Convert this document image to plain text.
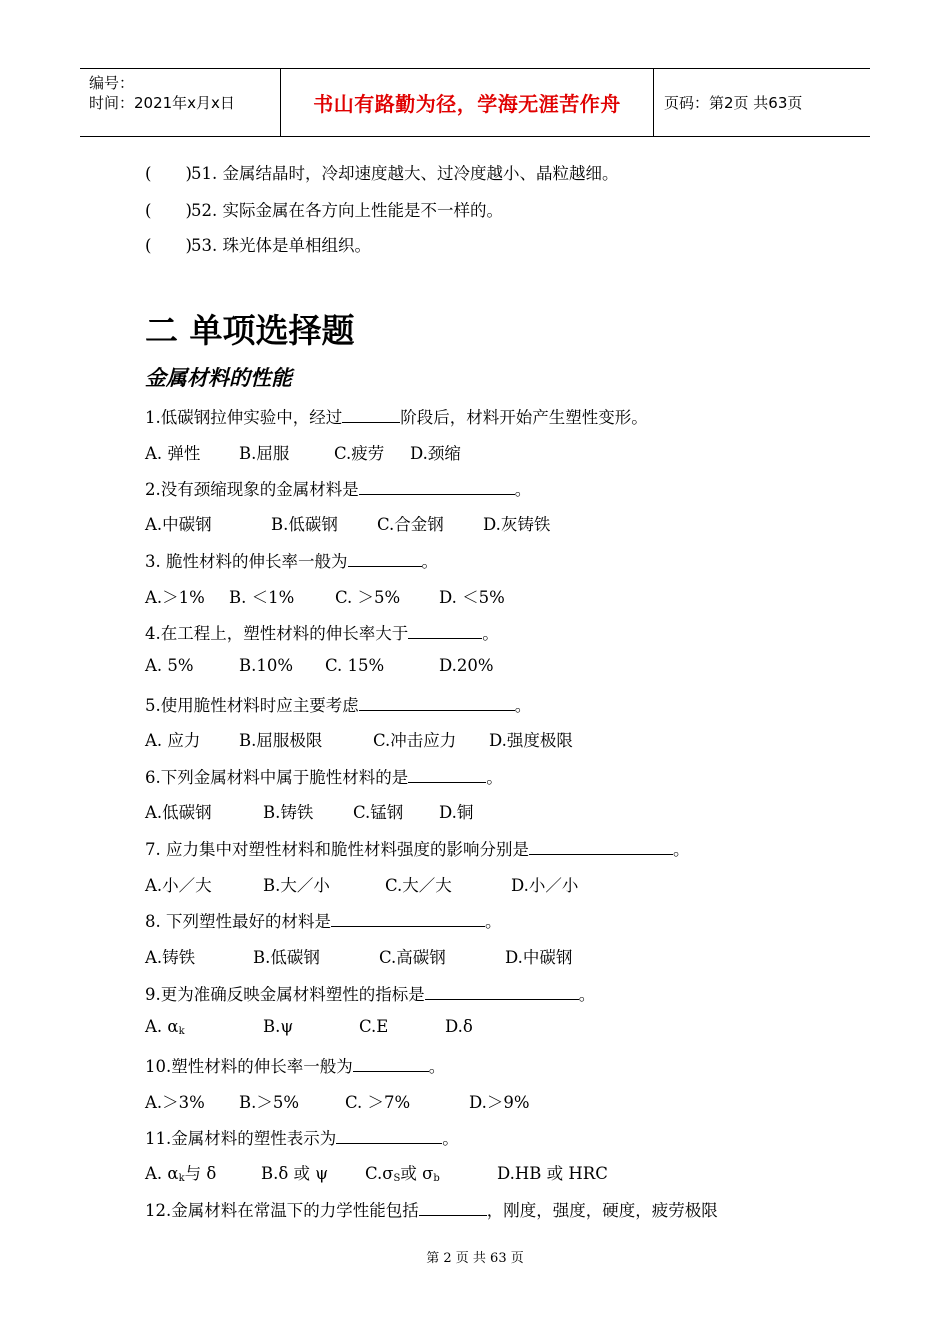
编号：
时间：2021年x月x日	书山有路勤为径，学海无涯苦作舟	页码：第2页 共63页
( )51. 金属结晶时，冷却速度越大、过冷度越小、晶粒越细。
( )52. 实际金属在各方向上性能是不一样的。
( )53. 珠光体是单相组织。
二 单项选择题
金属材料的性能
1.低碳钢拉伸实验中，经过	阶段后，材料开始产生塑性变形。
A. 弹性 B.屈服	C.疲劳 D.颈缩
2.没有颈缩现象的金属材料是	。
A.中碳钢	B.低碳钢 C.合金钢 D.灰铸铁
3. 脆性材料的伸长率一般为	。
A.＞1% B. ＜1% C. ＞5% D. ＜5%
4.在工程上，塑性材料的伸长率大于	。
A. 5%	B.10% C. 15%	D.20%
5.使用脆性材料时应主要考虑	。
A. 应力 B.屈服极限	C.冲击应力 D.强度极限
6.下列金属材料中属于脆性材料的是	。
A.低碳钢	B.铸铁 C.锰钢 D.铜
7. 应力集中对塑性材料和脆性材料强度的影响分别是	。
A.小／大	B.大／小	C.大／大	D.小／小
8. 下列塑性最好的材料是	。
A.铸铁	B.低碳钢	C.高碳钢	D.中碳钢
9.更为准确反映金属材料塑性的指标是	。
A. $\alpha_k$	B.ψ	C.E	D.δ
10.塑性材料的伸长率一般为	。
A.＞3% B.＞5%	C. ＞7%	D.＞9%
11.金属材料的塑性表示为	。
A. $\alpha_k$与 δ	B.δ 或 ψ $C.\sigma_S$或 $\sigma_b$	D.HB 或 HRC
12.金属材料在常温下的力学性能包括	，刚度，强度，硬度，疲劳极限
第 2 页 共 63 页
